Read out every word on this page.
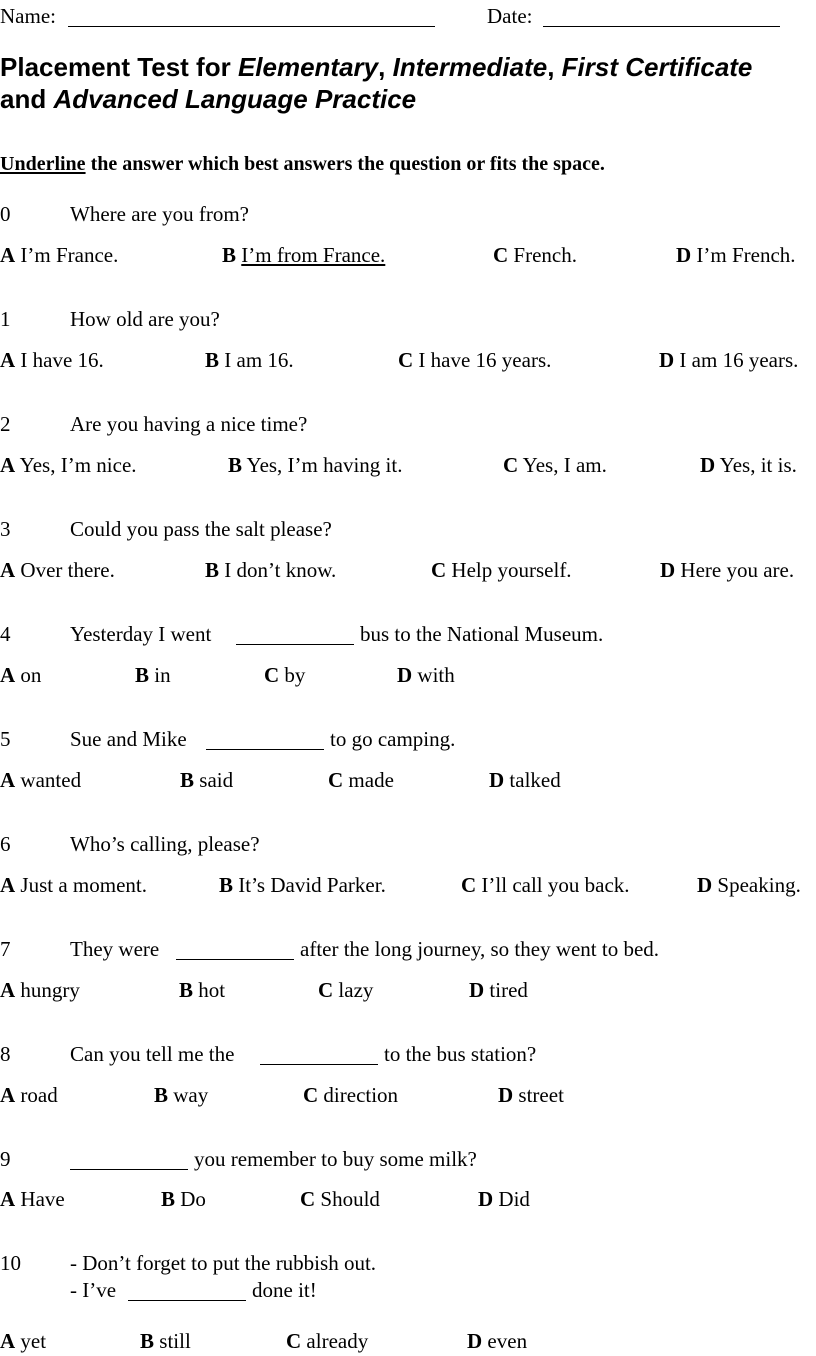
Name:	Date:
Placement Test for Elementary, Intermediate, First Certificate
and Advanced Language Practice
Underline the answer which best answers the question or fits the space.
0	Where are you from?
A I’m France.	B I’m from France.	C French.	D I’m French.
1	How old are you?
A I have 16.	B I am 16.	C I have 16 years.	D I am 16 years.
2	Are you having a nice time?
A Yes, I’m nice.	B Yes, I’m having it.	C Yes, I am.	D Yes, it is.
3	Could you pass the salt please?
A Over there.	B I don’t know.	C Help yourself.	D Here you are.
4	Yesterday I went	bus to the National Museum.
A on	B in	C by	D with
5	Sue and Mike	to go camping.
A wanted	B said	C made	D talked
6	Who’s calling, please?
A Just a moment.	B It’s David Parker.	C I’ll call you back.	D Speaking.
7	They were	after the long journey, so they went to bed.
A hungry	B hot	C lazy	D tired
8	Can you tell me the	to the bus station?
A road	B way	C direction	D street
9	you remember to buy some milk?
A Have	B Do	C Should	D Did
10 - Don’t forget to put the rubbish out.
- I’ve	done it!
A yet	B still	C already	D even
